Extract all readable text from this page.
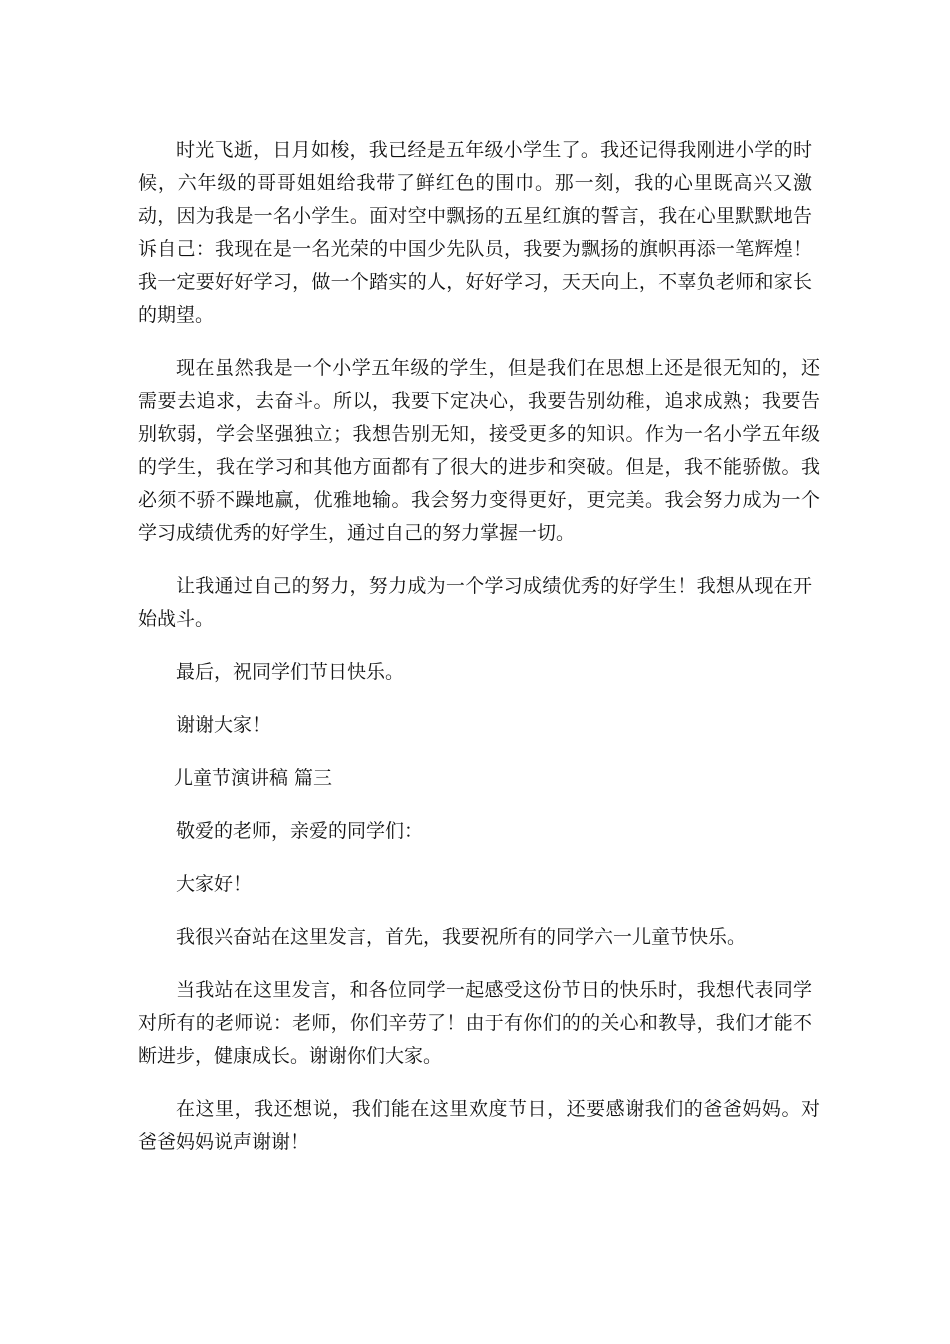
时光飞逝，日月如梭，我已经是五年级小学生了。我还记得我刚进小学的时候，六年级的哥哥姐姐给我带了鲜红色的围巾。那一刻，我的心里既高兴又激动，因为我是一名小学生。面对空中飘扬的五星红旗的誓言，我在心里默默地告诉自己：我现在是一名光荣的中国少先队员，我要为飘扬的旗帜再添一笔辉煌！我一定要好好学习，做一个踏实的人，好好学习，天天向上，不辜负老师和家长的期望。

现在虽然我是一个小学五年级的学生，但是我们在思想上还是很无知的，还需要去追求，去奋斗。所以，我要下定决心，我要告别幼稚，追求成熟；我要告别软弱，学会坚强独立；我想告别无知，接受更多的知识。作为一名小学五年级的学生，我在学习和其他方面都有了很大的进步和突破。但是，我不能骄傲。我必须不骄不躁地赢，优雅地输。我会努力变得更好，更完美。我会努力成为一个学习成绩优秀的好学生，通过自己的努力掌握一切。

让我通过自己的努力，努力成为一个学习成绩优秀的好学生！我想从现在开始战斗。

最后，祝同学们节日快乐。

谢谢大家！

儿童节演讲稿 篇三

敬爱的老师，亲爱的同学们：

大家好！

我很兴奋站在这里发言，首先，我要祝所有的同学六一儿童节快乐。

当我站在这里发言，和各位同学一起感受这份节日的快乐时，我想代表同学对所有的老师说：老师，你们辛劳了！由于有你们的的关心和教导，我们才能不断进步，健康成长。谢谢你们大家。

在这里，我还想说，我们能在这里欢度节日，还要感谢我们的爸爸妈妈。对爸爸妈妈说声谢谢！
